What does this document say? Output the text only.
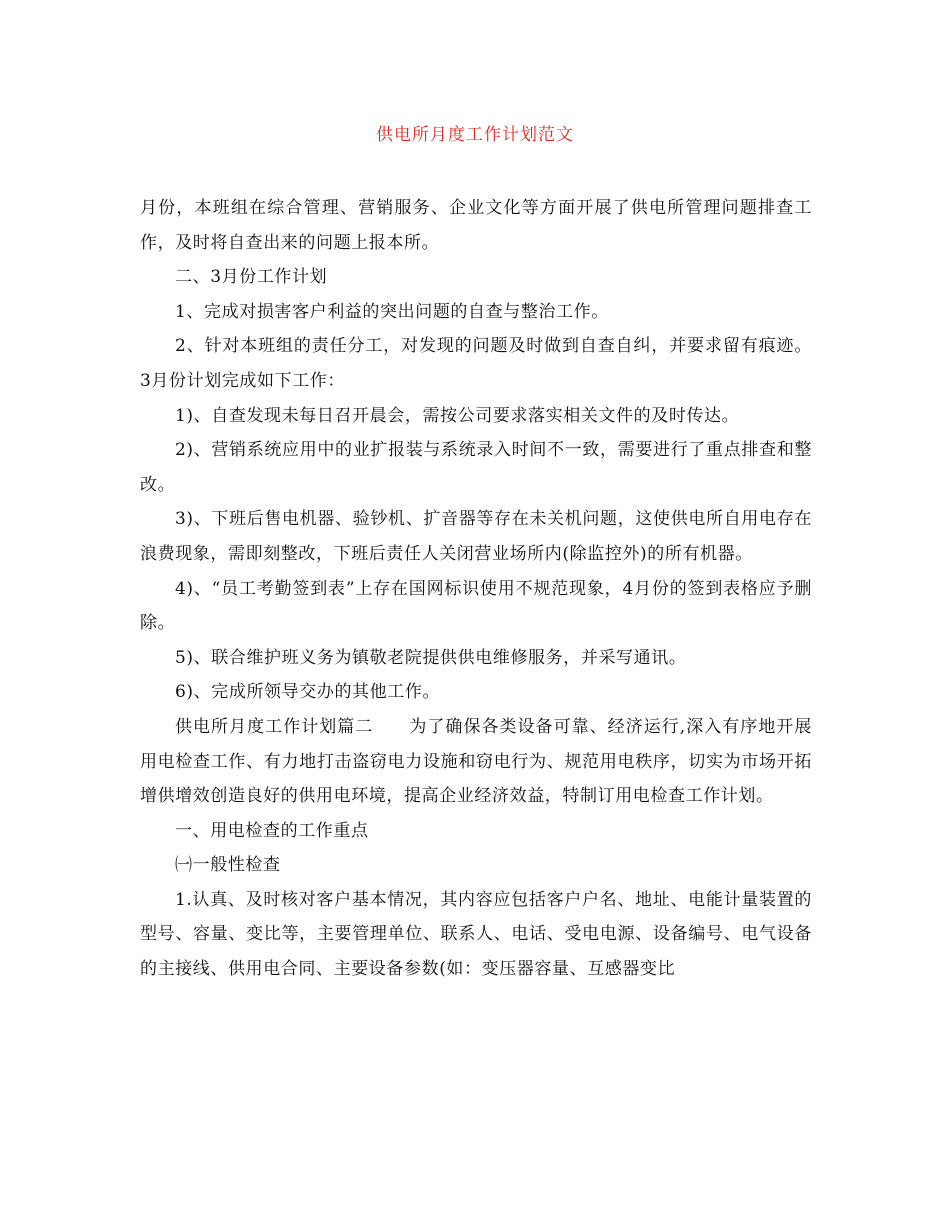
供电所月度工作计划范文

月份，本班组在综合管理、营销服务、企业文化等方面开展了供电所管理问题排查工作，及时将自查出来的问题上报本所。

二、3月份工作计划

1、完成对损害客户利益的突出问题的自查与整治工作。

2、针对本班组的责任分工，对发现的问题及时做到自查自纠，并要求留有痕迹。3月份计划完成如下工作：

1)、自查发现未每日召开晨会，需按公司要求落实相关文件的及时传达。

2)、营销系统应用中的业扩报装与系统录入时间不一致，需要进行了重点排查和整改。

3)、下班后售电机器、验钞机、扩音器等存在未关机问题，这使供电所自用电存在浪费现象，需即刻整改，下班后责任人关闭营业场所内(除监控外)的所有机器。

4)、“员工考勤签到表”上存在国网标识使用不规范现象，4月份的签到表格应予删除。

5)、联合维护班义务为镇敬老院提供供电维修服务，并采写通讯。

6)、完成所领导交办的其他工作。

供电所月度工作计划篇二　　为了确保各类设备可靠、经济运行,深入有序地开展用电检查工作、有力地打击盗窃电力设施和窃电行为、规范用电秩序，切实为市场开拓增供增效创造良好的供用电环境，提高企业经济效益，特制订用电检查工作计划。

一、用电检查的工作重点

㈠一般性检查

1.认真、及时核对客户基本情况，其内容应包括客户户名、地址、电能计量装置的型号、容量、变比等，主要管理单位、联系人、电话、受电电源、设备编号、电气设备的主接线、供用电合同、主要设备参数(如：变压器容量、互感器变比
